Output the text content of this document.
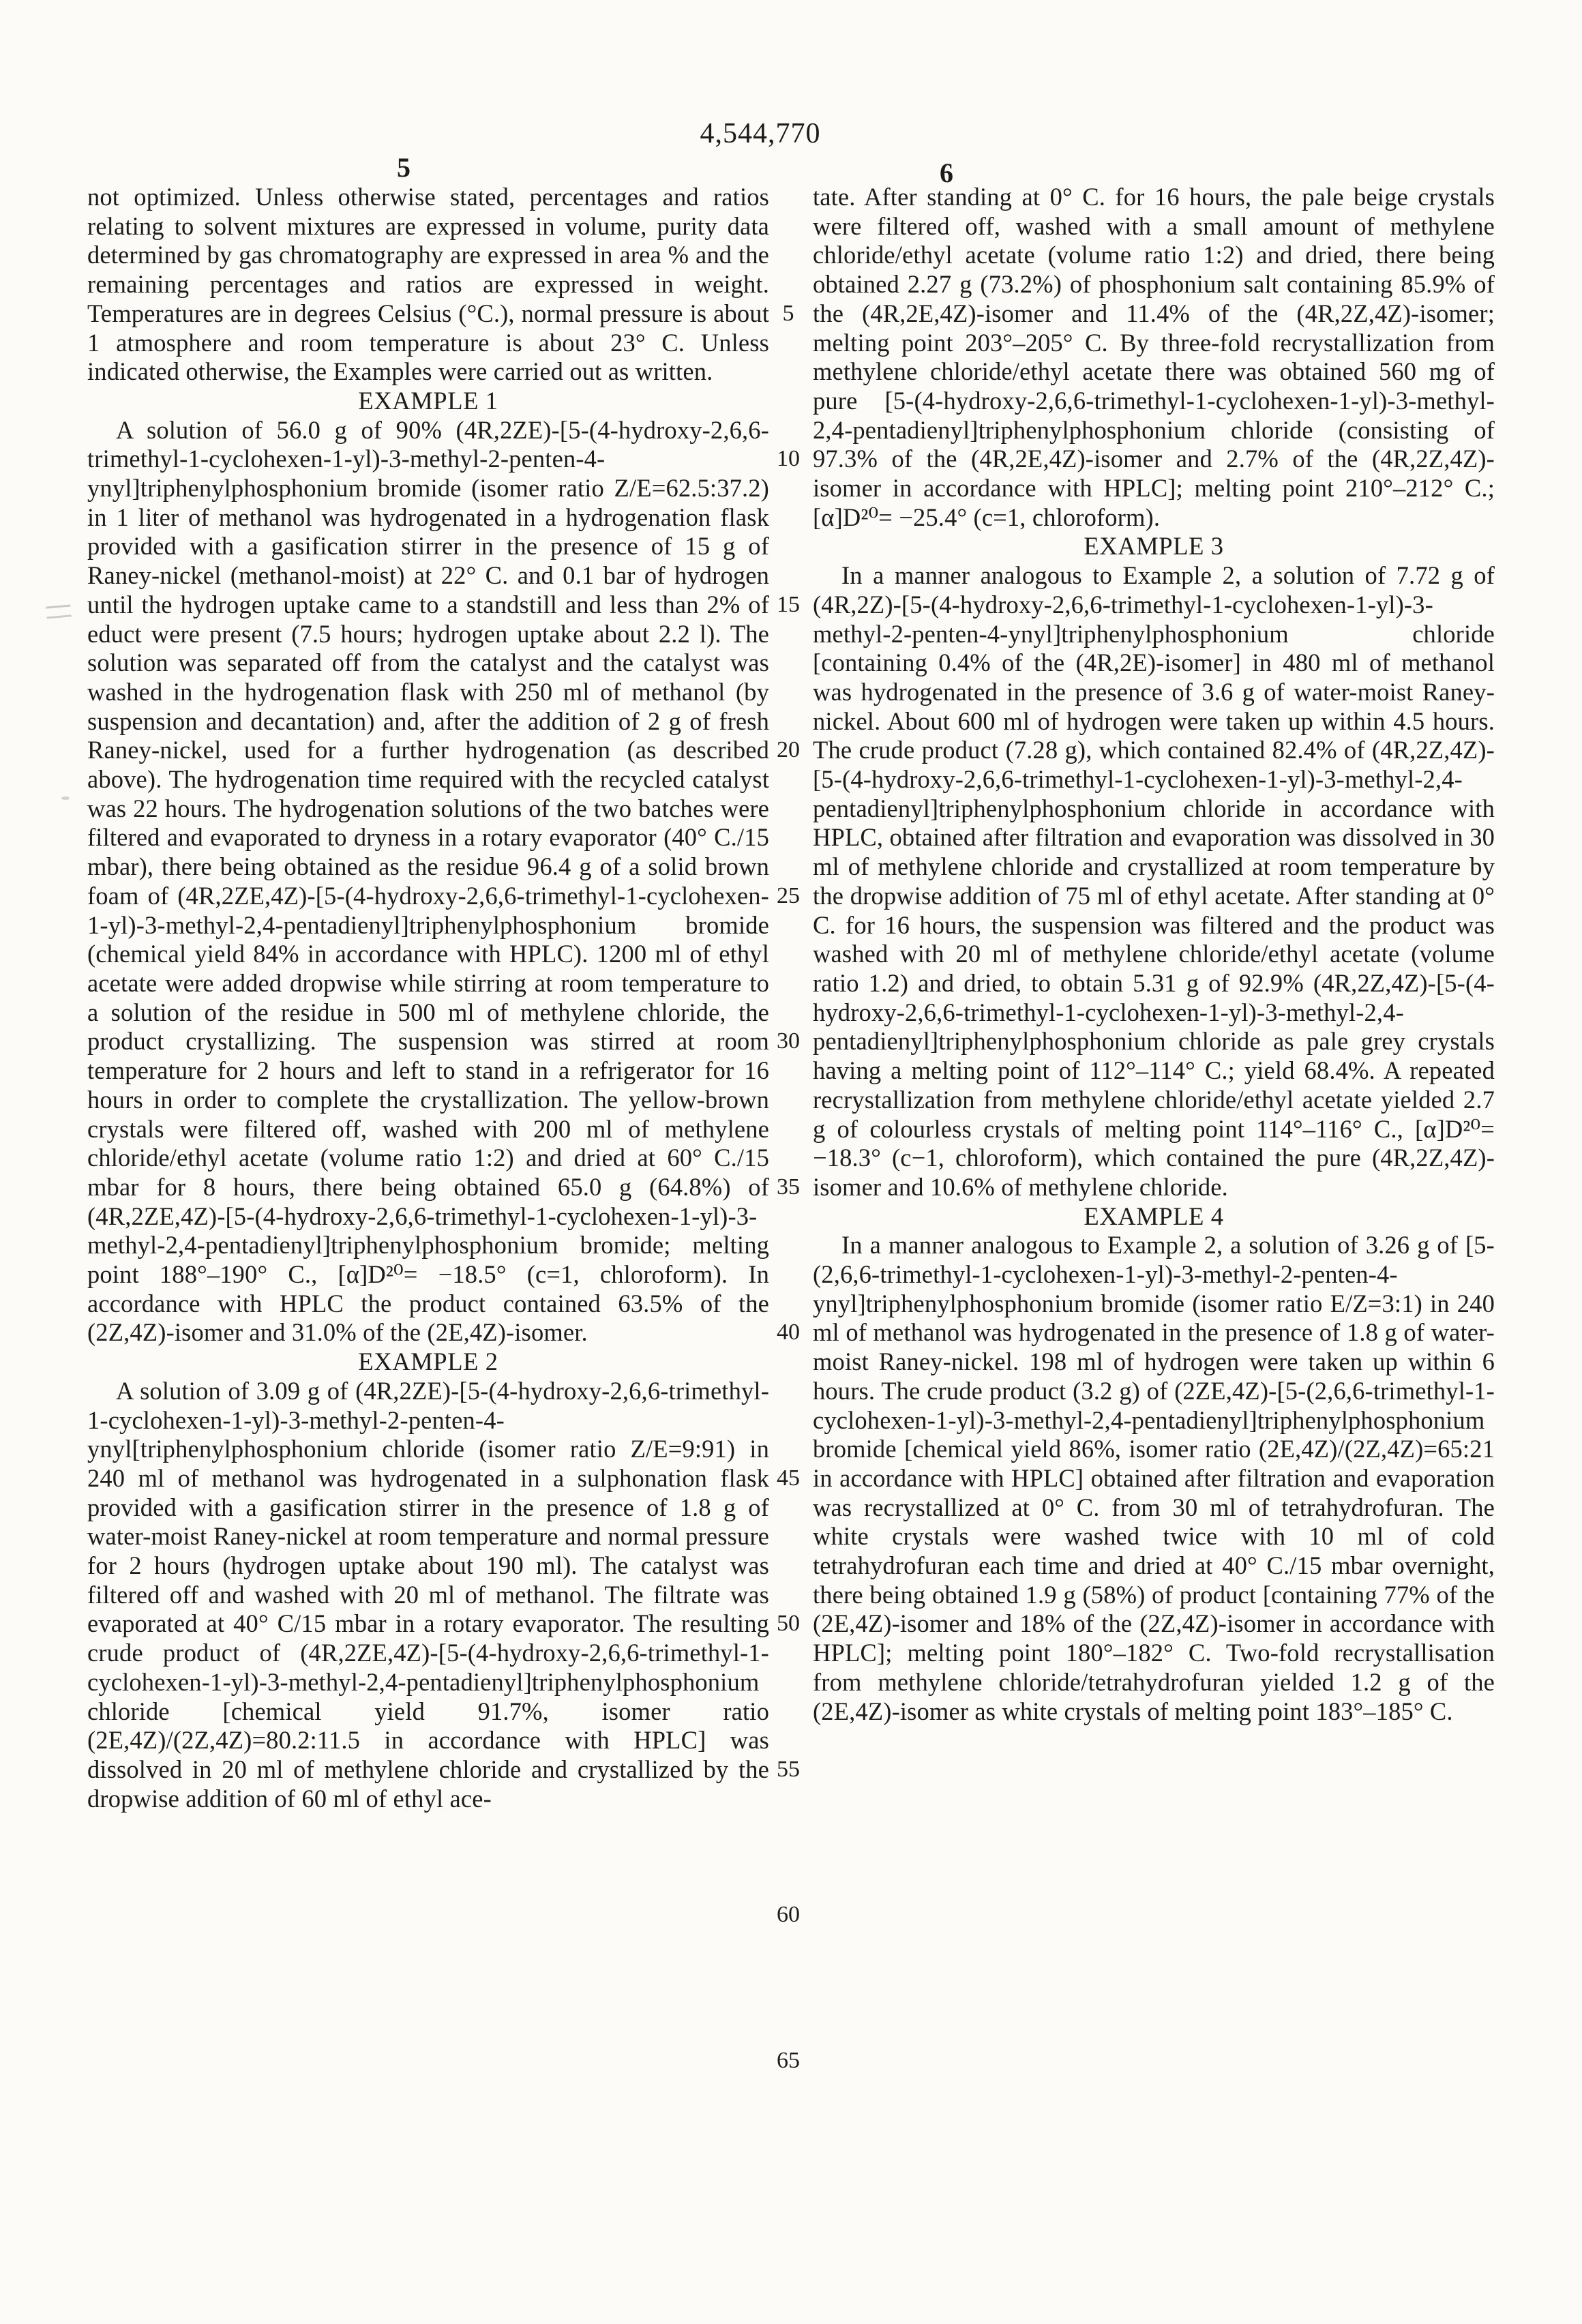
4,544,770
5	6
5
10
15
20
25
30
35
40
45
50
55
60
65

not optimized. Unless otherwise stated, percentages and ratios relating to solvent mixtures are expressed in volume, purity data determined by gas chromatography are expressed in area % and the remaining percentages and ratios are expressed in weight. Temperatures are in degrees Celsius (°C.), normal pressure is about 1 atmosphere and room temperature is about 23° C. Unless indicated otherwise, the Examples were carried out as written.

EXAMPLE 1

A solution of 56.0 g of 90% (4R,2ZE)-[5-(4-hydroxy-2,6,6-trimethyl-1-cyclohexen-1-yl)-3-methyl-2-penten-4-ynyl]triphenylphosphonium bromide (isomer ratio Z/E=62.5:37.2) in 1 liter of methanol was hydrogenated in a hydrogenation flask provided with a gasification stirrer in the presence of 15 g of Raney-nickel (methanol-moist) at 22° C. and 0.1 bar of hydrogen until the hydrogen uptake came to a standstill and less than 2% of educt were present (7.5 hours; hydrogen uptake about 2.2 l). The solution was separated off from the catalyst and the catalyst was washed in the hydrogenation flask with 250 ml of methanol (by suspension and decantation) and, after the addition of 2 g of fresh Raney-nickel, used for a further hydrogenation (as described above). The hydrogenation time required with the recycled catalyst was 22 hours. The hydrogenation solutions of the two batches were filtered and evaporated to dryness in a rotary evaporator (40° C./15 mbar), there being obtained as the residue 96.4 g of a solid brown foam of (4R,2ZE,4Z)-[5-(4-hydroxy-2,6,6-trimethyl-1-cyclohexen-1-yl)-3-methyl-2,4-pentadienyl]triphenylphosphonium bromide (chemical yield 84% in accordance with HPLC). 1200 ml of ethyl acetate were added dropwise while stirring at room temperature to a solution of the residue in 500 ml of methylene chloride, the product crystallizing. The suspension was stirred at room temperature for 2 hours and left to stand in a refrigerator for 16 hours in order to complete the crystallization. The yellow-brown crystals were filtered off, washed with 200 ml of methylene chloride/ethyl acetate (volume ratio 1:2) and dried at 60° C./15 mbar for 8 hours, there being obtained 65.0 g (64.8%) of (4R,2ZE,4Z)-[5-(4-hydroxy-2,6,6-trimethyl-1-cyclohexen-1-yl)-3-methyl-2,4-pentadienyl]triphenylphosphonium bromide; melting point 188°–190° C., [α]D²⁰= −18.5° (c=1, chloroform). In accordance with HPLC the product contained 63.5% of the (2Z,4Z)-isomer and 31.0% of the (2E,4Z)-isomer.

EXAMPLE 2

A solution of 3.09 g of (4R,2ZE)-[5-(4-hydroxy-2,6,6-trimethyl-1-cyclohexen-1-yl)-3-methyl-2-penten-4-ynyl[triphenylphosphonium chloride (isomer ratio Z/E=9:91) in 240 ml of methanol was hydrogenated in a sulphonation flask provided with a gasification stirrer in the presence of 1.8 g of water-moist Raney-nickel at room temperature and normal pressure for 2 hours (hydrogen uptake about 190 ml). The catalyst was filtered off and washed with 20 ml of methanol. The filtrate was evaporated at 40° C/15 mbar in a rotary evaporator. The resulting crude product of (4R,2ZE,4Z)-[5-(4-hydroxy-2,6,6-trimethyl-1-cyclohexen-1-yl)-3-methyl-2,4-pentadienyl]triphenylphosphonium chloride [chemical yield 91.7%, isomer ratio (2E,4Z)/(2Z,4Z)=80.2:11.5 in accordance with HPLC] was dissolved in 20 ml of methylene chloride and crystallized by the dropwise addition of 60 ml of ethyl ace-

tate. After standing at 0° C. for 16 hours, the pale beige crystals were filtered off, washed with a small amount of methylene chloride/ethyl acetate (volume ratio 1:2) and dried, there being obtained 2.27 g (73.2%) of phosphonium salt containing 85.9% of the (4R,2E,4Z)-isomer and 11.4% of the (4R,2Z,4Z)-isomer; melting point 203°–205° C. By three-fold recrystallization from methylene chloride/ethyl acetate there was obtained 560 mg of pure [5-(4-hydroxy-2,6,6-trimethyl-1-cyclohexen-1-yl)-3-methyl-2,4-pentadienyl]triphenylphosphonium chloride (consisting of 97.3% of the (4R,2E,4Z)-isomer and 2.7% of the (4R,2Z,4Z)-isomer in accordance with HPLC]; melting point 210°–212° C.; [α]D²⁰= −25.4° (c=1, chloroform).

EXAMPLE 3

In a manner analogous to Example 2, a solution of 7.72 g of (4R,2Z)-[5-(4-hydroxy-2,6,6-trimethyl-1-cyclohexen-1-yl)-3-methyl-2-penten-4-ynyl]triphenylphosphonium chloride [containing 0.4% of the (4R,2E)-isomer] in 480 ml of methanol was hydrogenated in the presence of 3.6 g of water-moist Raney-nickel. About 600 ml of hydrogen were taken up within 4.5 hours. The crude product (7.28 g), which contained 82.4% of (4R,2Z,4Z)-[5-(4-hydroxy-2,6,6-trimethyl-1-cyclohexen-1-yl)-3-methyl-2,4-pentadienyl]triphenylphosphonium chloride in accordance with HPLC, obtained after filtration and evaporation was dissolved in 30 ml of methylene chloride and crystallized at room temperature by the dropwise addition of 75 ml of ethyl acetate. After standing at 0° C. for 16 hours, the suspension was filtered and the product was washed with 20 ml of methylene chloride/ethyl acetate (volume ratio 1.2) and dried, to obtain 5.31 g of 92.9% (4R,2Z,4Z)-[5-(4-hydroxy-2,6,6-trimethyl-1-cyclohexen-1-yl)-3-methyl-2,4-pentadienyl]triphenylphosphonium chloride as pale grey crystals having a melting point of 112°–114° C.; yield 68.4%. A repeated recrystallization from methylene chloride/ethyl acetate yielded 2.7 g of colourless crystals of melting point 114°–116° C., [α]D²⁰= −18.3° (c−1, chloroform), which contained the pure (4R,2Z,4Z)-isomer and 10.6% of methylene chloride.

EXAMPLE 4

In a manner analogous to Example 2, a solution of 3.26 g of [5-(2,6,6-trimethyl-1-cyclohexen-1-yl)-3-methyl-2-penten-4-ynyl]triphenylphosphonium bromide (isomer ratio E/Z=3:1) in 240 ml of methanol was hydrogenated in the presence of 1.8 g of water-moist Raney-nickel. 198 ml of hydrogen were taken up within 6 hours. The crude product (3.2 g) of (2ZE,4Z)-[5-(2,6,6-trimethyl-1-cyclohexen-1-yl)-3-methyl-2,4-pentadienyl]triphenylphosphonium bromide [chemical yield 86%, isomer ratio (2E,4Z)/(2Z,4Z)=65:21 in accordance with HPLC] obtained after filtration and evaporation was recrystallized at 0° C. from 30 ml of tetrahydrofuran. The white crystals were washed twice with 10 ml of cold tetrahydrofuran each time and dried at 40° C./15 mbar overnight, there being obtained 1.9 g (58%) of product [containing 77% of the (2E,4Z)-isomer and 18% of the (2Z,4Z)-isomer in accordance with HPLC]; melting point 180°–182° C. Two-fold recrystallisation from methylene chloride/tetrahydrofuran yielded 1.2 g of the (2E,4Z)-isomer as white crystals of melting point 183°–185° C.
